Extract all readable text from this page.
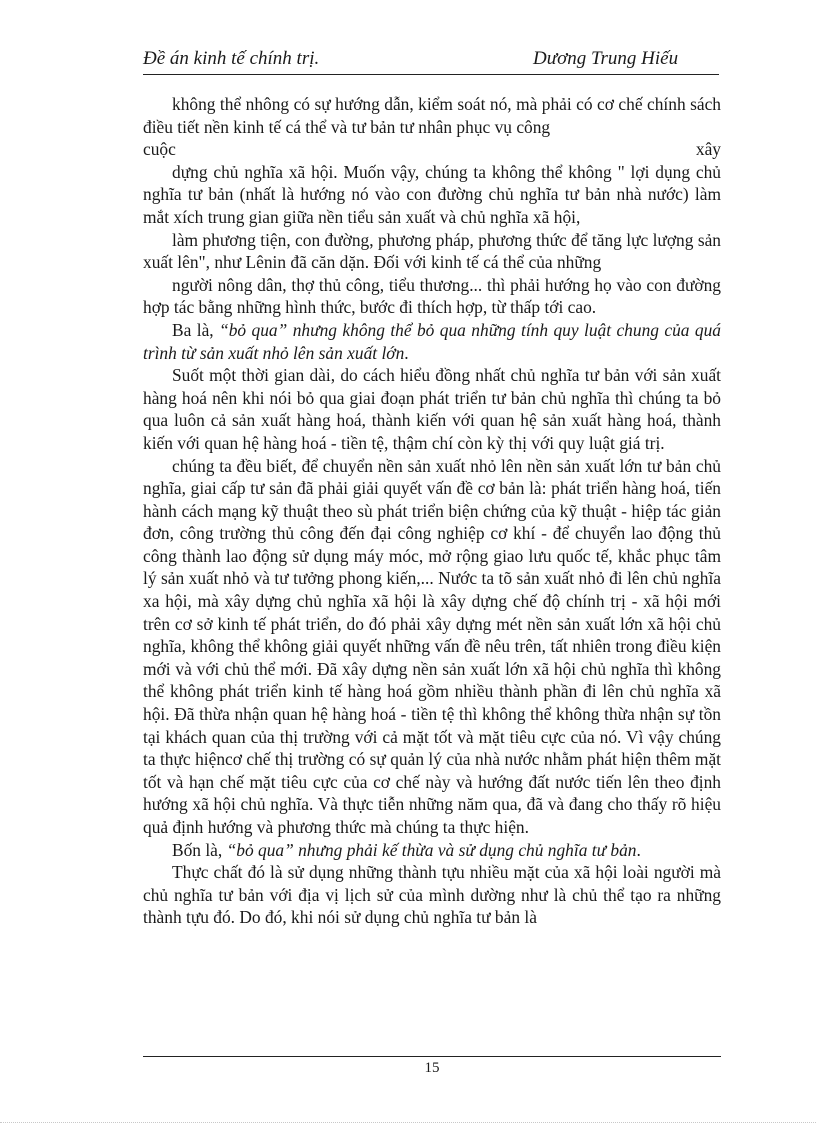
Đề án kinh tế chính trị.	Dương Trung Hiếu

không thể nhông có sự hướng dẫn, kiểm soát nó, mà phải có cơ chế chính sách điều tiết nền kinh tế cá thể và tư bản tư nhân phục vụ công

cuộc	xây

dựng chủ nghĩa xã hội. Muốn vậy, chúng ta không thể không " lợi dụng chủ nghĩa tư bản (nhất là hướng nó vào con đường chủ nghĩa tư bản nhà nước) làm mắt xích trung gian giữa nền tiểu sản xuất và chủ nghĩa xã hội,

làm phương tiện, con đường, phương pháp, phương thức để tăng lực lượng sản xuất lên", như Lênin đã căn dặn. Đối với kinh tế cá thể của những

người nông dân, thợ thủ công, tiểu thương... thì phải hướng họ vào con đường hợp tác bằng những hình thức, bước đi thích hợp, từ thấp tới cao.

Ba là, “bỏ qua” nhưng không thể bỏ qua những tính quy luật chung của quá trình từ sản xuất nhỏ lên sản xuất lớn.

Suốt một thời gian dài, do cách hiểu đồng nhất chủ nghĩa tư bản với sản xuất hàng hoá nên khi nói bỏ qua giai đoạn phát triển tư bản chủ nghĩa thì chúng ta bỏ qua luôn cả sản xuất hàng hoá, thành kiến với quan hệ sản xuất hàng hoá, thành kiến với quan hệ hàng hoá - tiền tệ, thậm chí còn kỳ thị với quy luật giá trị.

chúng ta đều biết, để chuyển nền sản xuất nhỏ lên nền sản xuất lớn tư bản chủ nghĩa, giai cấp tư sản đã phải giải quyết vấn đề cơ bản là: phát triển hàng hoá, tiến hành cách mạng kỹ thuật theo sù phát triển biện chứng của kỹ thuật - hiệp tác giản đơn, công trường thủ công đến đại công nghiệp cơ khí - để chuyển lao động thủ công thành lao động sử dụng máy móc, mở rộng giao lưu quốc tế, khắc phục tâm lý sản xuất nhỏ và tư tưởng phong kiến,... Nước ta tõ sản xuất nhỏ đi lên chủ nghĩa xa hội, mà xây dựng chủ nghĩa xã hội là xây dựng chế độ chính trị - xã hội mới trên cơ sở kinh tế phát triển, do đó phải xây dựng mét nền sản xuất lớn xã hội chủ nghĩa, không thể không giải quyết những vấn đề nêu trên, tất nhiên trong điều kiện mới và với chủ thể mới. Đã xây dựng nền sản xuất lớn xã hội chủ nghĩa thì không thể không phát triển kinh tế hàng hoá gồm nhiều thành phần đi lên chủ nghĩa xã hội. Đã thừa nhận quan hệ hàng hoá - tiền tệ thì không thể không thừa nhận sự tồn tại khách quan của thị trường với cả mặt tốt và mặt tiêu cực của nó. Vì vậy chúng ta thực hiệncơ chế thị trường có sự quản lý của nhà nước nhằm phát hiện thêm mặt tốt và hạn chế mặt tiêu cực của cơ chế này và hướng đất nước tiến lên theo định hướng xã hội chủ nghĩa. Và thực tiễn những năm qua, đã và đang cho thấy rõ hiệu quả định hướng và phương thức mà chúng ta thực hiện.

Bốn là, “bỏ qua” nhưng phải kế thừa và sử dụng chủ nghĩa tư bản.

Thực chất đó là sử dụng những thành tựu nhiều mặt của xã hội loài người mà chủ nghĩa tư bản với địa vị lịch sử của mình dường như là chủ thể tạo ra những thành tựu đó. Do đó, khi nói sử dụng chủ nghĩa tư bản là

15
